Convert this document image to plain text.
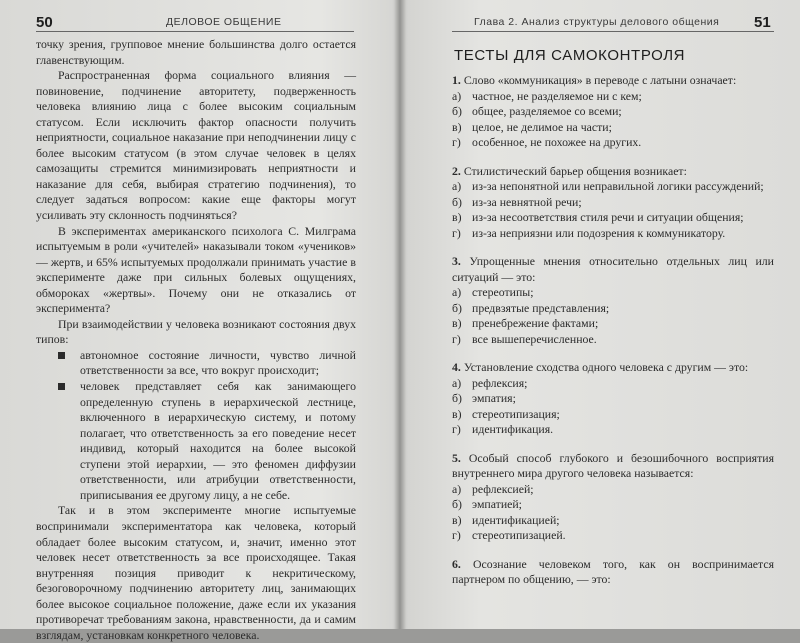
50	ДЕЛОВОЕ ОБЩЕНИЕ

точку зрения, групповое мнение большинства долго остается главенствующим.

Распространенная форма социального влияния — повиновение, подчинение авторитету, подверженность человека влиянию лица с более высоким социальным статусом. Если исключить фактор опасности получить неприятности, социальное наказание при неподчинении лицу с более высоким статусом (в этом случае человек в целях самозащиты стремится минимизировать неприятности и наказание для себя, выбирая стратегию подчинения), то следует задаться вопросом: какие еще факторы могут усиливать эту склонность подчиняться?

В экспериментах американского психолога С. Милграма испытуемым в роли «учителей» наказывали током «учеников» — жертв, и 65% испытуемых продолжали принимать участие в эксперименте даже при сильных болевых ощущениях, обмороках «жертвы». Почему они не отказались от эксперимента?

При взаимодействии у человека возникают состояния двух типов:

автономное состояние личности, чувство личной ответственности за все, что вокруг происходит;
человек представляет себя как занимающего определенную ступень в иерархической лестнице, включенного в иерархическую систему, и потому полагает, что ответственность за его поведение несет индивид, который находится на более высокой ступени этой иерархии, — это феномен диффузии ответственности, или атрибуции ответственности, приписывания ее другому лицу, а не себе.

Так и в этом эксперименте многие испытуемые воспринимали экспериментатора как человека, который обладает более высоким статусом, и, значит, именно этот человек несет ответственность за все происходящее. Такая внутренняя позиция приводит к некритическому, безоговорочному подчинению авторитету лиц, занимающих более высокое социальное положение, даже если их указания противоречат требованиям закона, нравственности, да и самим взглядам, установкам конкретного человека.

Глава 2. Анализ структуры делового общения 51
ТЕСТЫ ДЛЯ САМОКОНТРОЛЯ
1. Слово «коммуникация» в переводе с латыни означает:
а) частное, не разделяемое ни с кем;
б) общее, разделяемое со всеми;
в) целое, не делимое на части;
г) особенное, не похожее на других.
2. Стилистический барьер общения возникает:
а) из-за непонятной или неправильной логики рассуждений;
б) из-за невнятной речи;
в) из-за несоответствия стиля речи и ситуации общения;
г) из-за неприязни или подозрения к коммуникатору.
3. Упрощенные мнения относительно отдельных лиц или ситуаций — это:
а) стереотипы;
б) предвзятые представления;
в) пренебрежение фактами;
г) все вышеперечисленное.
4. Установление сходства одного человека с другим — это:
а) рефлексия;
б) эмпатия;
в) стереотипизация;
г) идентификация.
5. Особый способ глубокого и безошибочного восприятия внутреннего мира другого человека называется:
а) рефлексией;
б) эмпатией;
в) идентификацией;
г) стереотипизацией.
6. Осознание человеком того, как он воспринимается партнером по общению, — это:
